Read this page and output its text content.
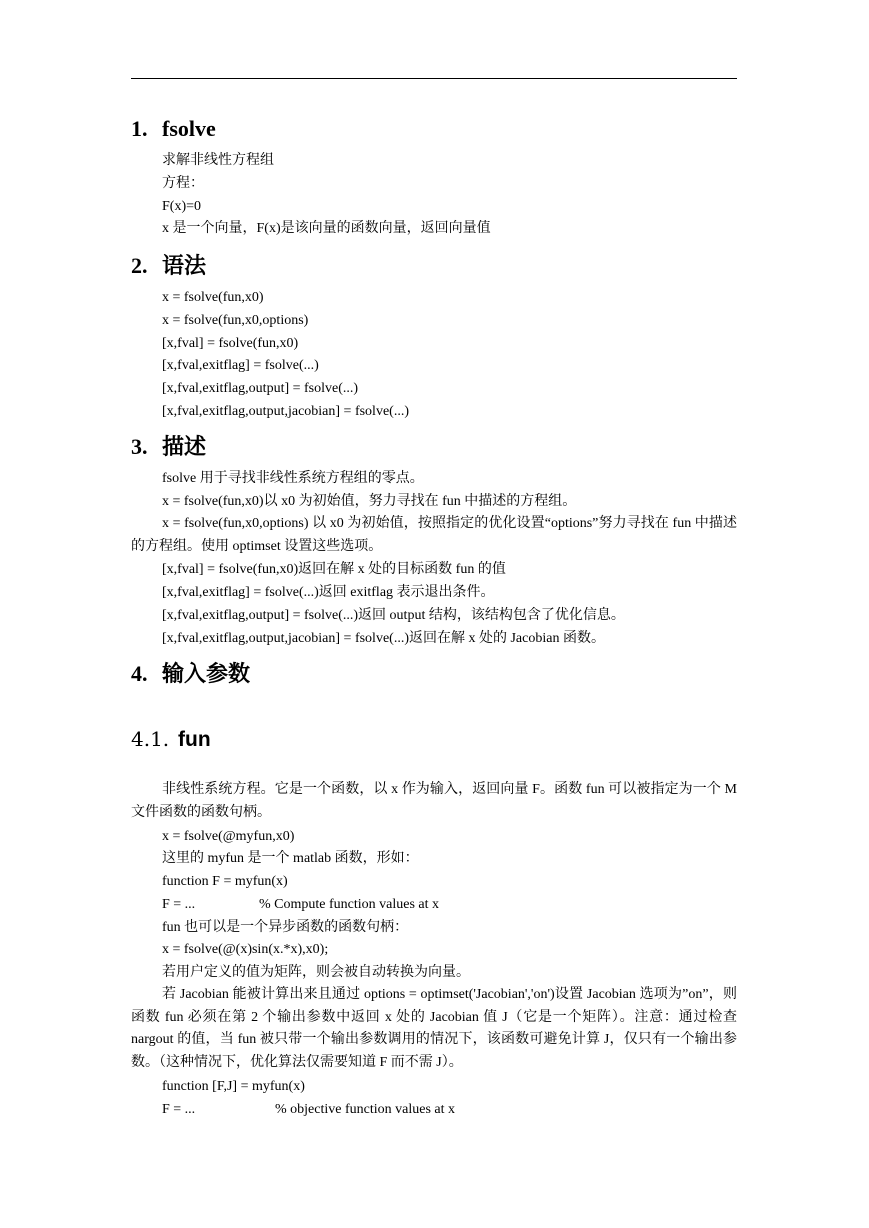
1. fsolve
求解非线性方程组
方程：
F(x)=0
x 是一个向量，F(x)是该向量的函数向量，返回向量值
2. 语法
x = fsolve(fun,x0)
x = fsolve(fun,x0,options)
[x,fval] = fsolve(fun,x0)
[x,fval,exitflag] = fsolve(...)
[x,fval,exitflag,output] = fsolve(...)
[x,fval,exitflag,output,jacobian] = fsolve(...)
3. 描述
fsolve 用于寻找非线性系统方程组的零点。
x = fsolve(fun,x0)以 x0 为初始值，努力寻找在 fun 中描述的方程组。
x = fsolve(fun,x0,options) 以 x0 为初始值，按照指定的优化设置“options”努力寻找在 fun 中描述的方程组。使用 optimset 设置这些选项。
[x,fval] = fsolve(fun,x0)返回在解 x 处的目标函数 fun 的值
[x,fval,exitflag] = fsolve(...)返回 exitflag 表示退出条件。
[x,fval,exitflag,output] = fsolve(...)返回 output 结构，该结构包含了优化信息。
[x,fval,exitflag,output,jacobian] = fsolve(...)返回在解 x 处的 Jacobian 函数。
4. 输入参数
4.1. fun
非线性系统方程。它是一个函数，以 x 作为输入，返回向量 F。函数 fun 可以被指定为一个 M 文件函数的函数句柄。
x = fsolve(@myfun,x0)
这里的 myfun 是一个 matlab 函数，形如：
function F = myfun(x)
F = ...	% Compute function values at x
fun 也可以是一个异步函数的函数句柄：
x = fsolve(@(x)sin(x.*x),x0);
若用户定义的值为矩阵，则会被自动转换为向量。
若 Jacobian 能被计算出来且通过 options = optimset('Jacobian','on')设置 Jacobian 选项为”on”，则函数 fun 必须在第 2 个输出参数中返回 x 处的 Jacobian 值 J（它是一个矩阵）。注意：通过检查 nargout 的值，当 fun 被只带一个输出参数调用的情况下，该函数可避免计算 J，仅只有一个输出参数。（这种情况下，优化算法仅需要知道 F 而不需 J）。
function [F,J] = myfun(x)
F = ...	% objective function values at x
